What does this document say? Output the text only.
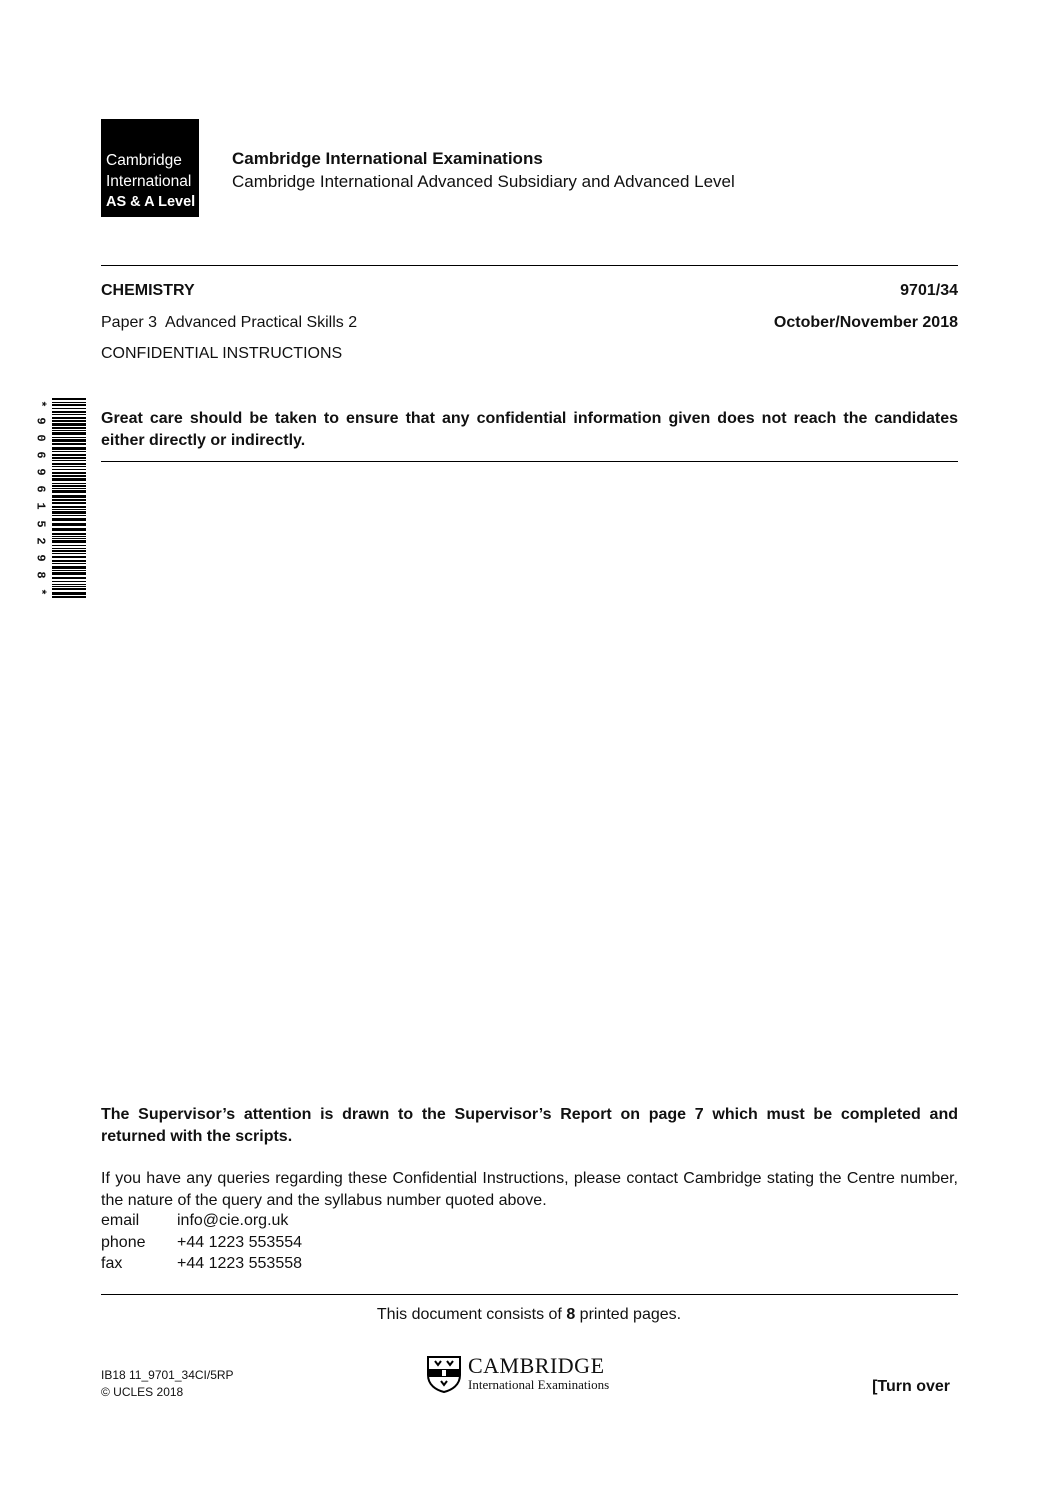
Cambridge
International
AS & A Level
Cambridge International Examinations
Cambridge International Advanced Subsidiary and Advanced Level
CHEMISTRY	9701/34
Paper 3  Advanced Practical Skills 2	October/November 2018
CONFIDENTIAL INSTRUCTIONS
*
9
0
6
9
6
1
5
2
9
8
*
Great care should be taken to ensure that any confidential information given does not reach the candidates either directly or indirectly.
The Supervisor’s attention is drawn to the Supervisor’s Report on page 7 which must be completed and returned with the scripts.
If you have any queries regarding these Confidential Instructions, please contact Cambridge stating the Centre number, the nature of the query and the syllabus number quoted above.
email info@cie.org.uk
phone +44 1223 553554
fax	+44 1223 553558
This document consists of 8 printed pages.
IB18 11_9701_34CI/5RP
© UCLES 2018
CAMBRIDGE
International Examinations	[Turn over
